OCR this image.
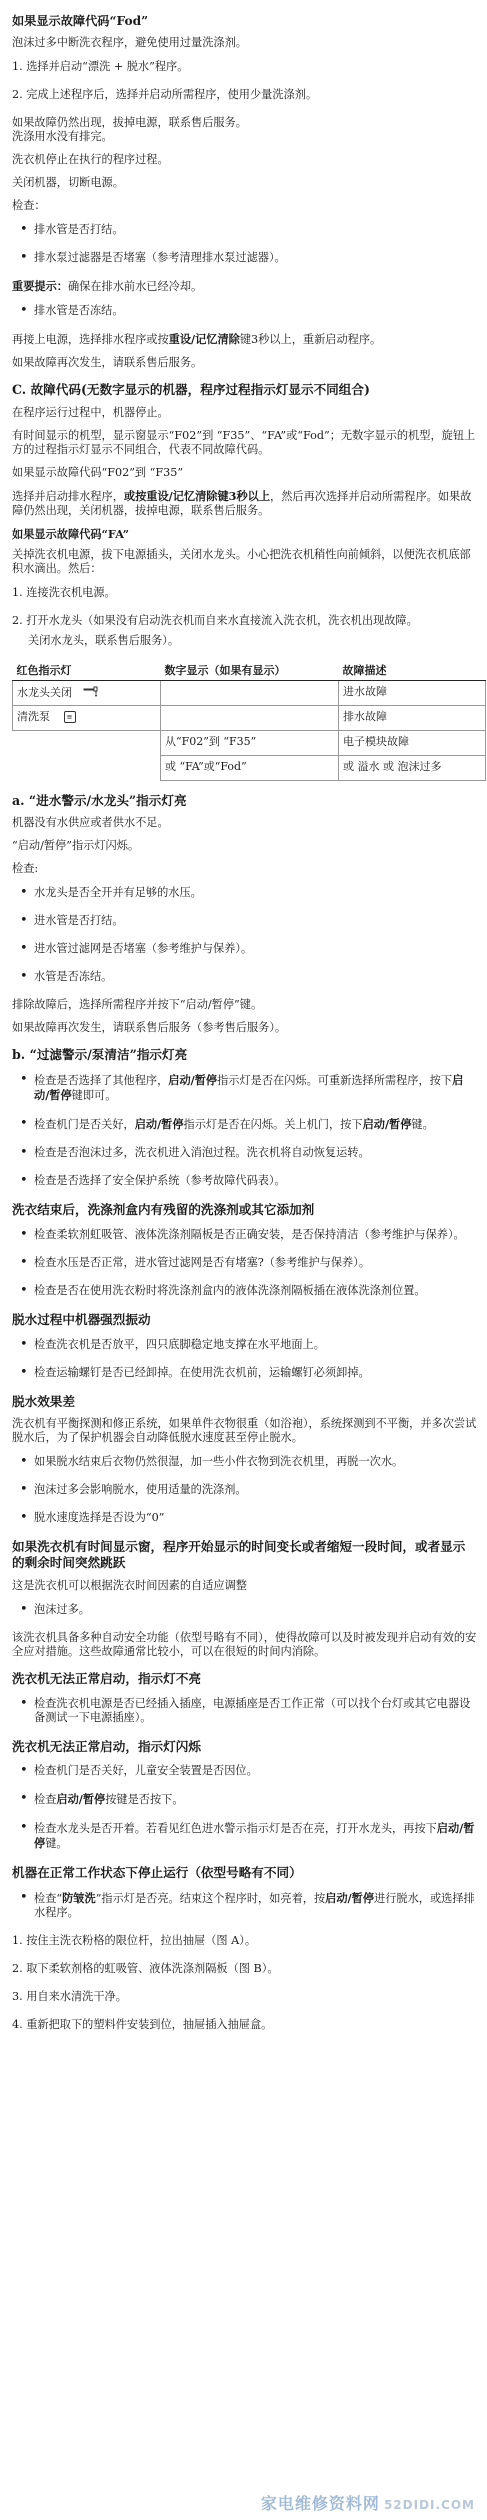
如果显示故障代码“Fod”
泡沫过多中断洗衣程序，避免使用过量洗涤剂。
1. 选择并启动“漂洗 + 脱水”程序。
2. 完成上述程序后，选择并启动所需程序，使用少量洗涤剂。
如果故障仍然出现，拔掉电源，联系售后服务。
洗涤用水没有排完。
洗衣机停止在执行的程序过程。
关闭机器，切断电源。
检查：
• 排水管是否打结。
• 排水泵过滤器是否堵塞（参考清理排水泵过滤器）。
重要提示：确保在排水前水已经冷却。
• 排水管是否冻结。
再接上电源，选择排水程序或按重设/记忆清除键3秒以上，重新启动程序。
如果故障再次发生，请联系售后服务。
C. 故障代码(无数字显示的机器，程序过程指示灯显示不同组合)
在程序运行过程中，机器停止。
有时间显示的机型，显示窗显示“F02”到 “F35”、“FA”或“Fod”；无数字显示的机型，旋钮上方的过程指示灯显示不同组合，代表不同故障代码。
如果显示故障代码“F02”到 “F35”
选择并启动排水程序，或按重设/记忆清除键3秒以上，然后再次选择并启动所需程序。如果故障仍然出现，关闭机器，拔掉电源，联系售后服务。
如果显示故障代码“FA”
关掉洗衣机电源，拔下电源插头，关闭水龙头。小心把洗衣机稍性向前倾斜，以便洗衣机底部积水滴出。然后：
1. 连接洗衣机电源。
2. 打开水龙头（如果没有启动洗衣机而自来水直接流入洗衣机，洗衣机出现故障。
关闭水龙头，联系售后服务）。
红色指示灯	数字显示（如果有显示）	故障描述
水龙头关闭		进水故障
清洗泵 ≡		排水故障
	从“F02”到 “F35”	电子模块故障
	或 “FA”或“Fod”	或 溢水 或 泡沫过多
a. “进水警示/水龙头”指示灯亮
机器没有水供应或者供水不足。
“启动/暂停”指示灯闪烁。
检查:
• 水龙头是否全开并有足够的水压。
• 进水管是否打结。
• 进水管过滤网是否堵塞（参考维护与保养）。
• 水管是否冻结。
排除故障后，选择所需程序并按下“启动/暂停”键。
如果故障再次发生，请联系售后服务（参考售后服务）。
b. “过滤警示/泵清洁”指示灯亮
• 检查是否选择了其他程序，启动/暂停指示灯是否在闪烁。可重新选择所需程序，按下启动/暂停键即可。
• 检查机门是否关好，启动/暂停指示灯是否在闪烁。关上机门，按下启动/暂停键。
• 检查是否泡沫过多，洗衣机进入消泡过程。洗衣机将自动恢复运转。
• 检查是否选择了安全保护系统（参考故障代码表）。
洗衣结束后，洗涤剂盒内有残留的洗涤剂或其它添加剂
• 检查柔软剂虹吸管、液体洗涤剂隔板是否正确安装，是否保持清洁（参考维护与保养）。
• 检查水压是否正常，进水管过滤网是否有堵塞?（参考维护与保养）。
• 检查是否在使用洗衣粉时将洗涤剂盒内的液体洗涤剂隔板插在液体洗涤剂位置。
脱水过程中机器强烈振动
• 检查洗衣机是否放平，四只底脚稳定地支撑在水平地面上。
• 检查运输螺钉是否已经卸掉。在使用洗衣机前，运输螺钉必须卸掉。
脱水效果差
洗衣机有平衡探测和修正系统，如果单件衣物很重（如浴袍），系统探测到不平衡，并多次尝试脱水后，为了保护机器会自动降低脱水速度甚至停止脱水。
• 如果脱水结束后衣物仍然很湿，加一些小件衣物到洗衣机里，再脱一次水。
• 泡沫过多会影响脱水，使用适量的洗涤剂。
• 脱水速度选择是否设为“0”
如果洗衣机有时间显示窗，程序开始显示的时间变长或者缩短一段时间，或者显示的剩余时间突然跳跃
这是洗衣机可以根据洗衣时间因素的自适应调整
• 泡沫过多。
该洗衣机具备多种自动安全功能（依型号略有不同），使得故障可以及时被发现并启动有效的安全应对措施。这些故障通常比较小，可以在很短的时间内消除。
洗衣机无法正常启动，指示灯不亮
• 检查洗衣机电源是否已经插入插座，电源插座是否工作正常（可以找个台灯或其它电器设备测试一下电源插座）。
洗衣机无法正常启动，指示灯闪烁
• 检查机门是否关好，儿童安全装置是否因位。
• 检查启动/暂停按键是否按下。
• 检查水龙头是否开着。若看见红色进水警示指示灯是否在亮，打开水龙头，再按下启动/暂停键。
机器在正常工作状态下停止运行（依型号略有不同）
• 检查“防皱洗”指示灯是否亮。结束这个程序时，如亮着，按启动/暂停进行脱水，或选择排水程序。
1. 按住主洗衣粉格的限位杆，拉出抽屉（图 A）。
2. 取下柔软剂格的虹吸管、液体洗涤剂隔板（图 B）。
3. 用自来水清洗干净。
4. 重新把取下的塑料件安装到位，抽屉插入抽屉盒。
家电维修资料网 52DIDI.COM
